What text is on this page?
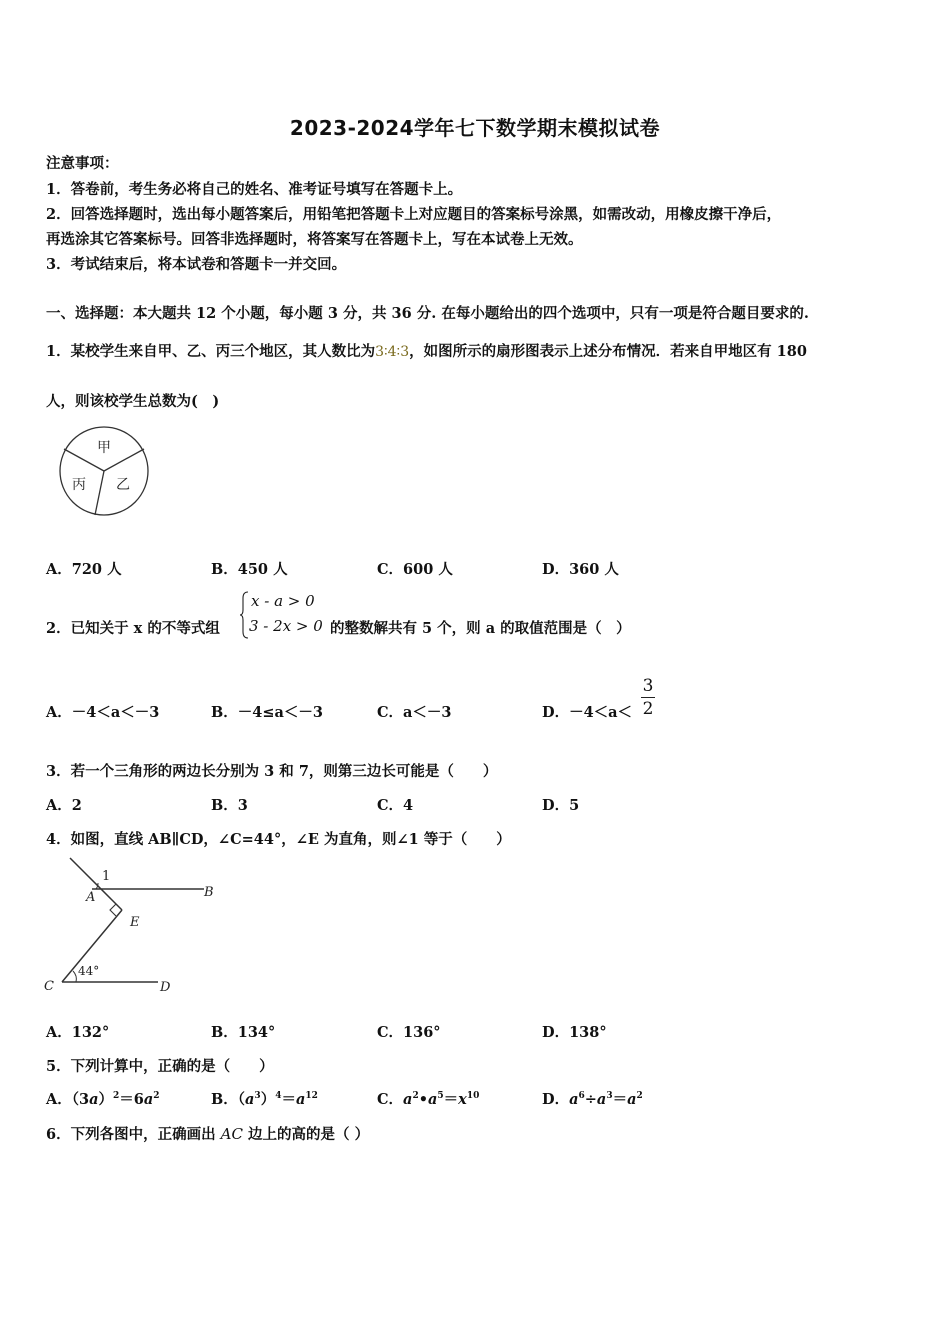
2023-2024学年七下数学期末模拟试卷
注意事项：
1．答卷前，考生务必将自己的姓名、准考证号填写在答题卡上。
2．回答选择题时，选出每小题答案后，用铅笔把答题卡上对应题目的答案标号涂黑，如需改动，用橡皮擦干净后，
再选涂其它答案标号。回答非选择题时，将答案写在答题卡上，写在本试卷上无效。
3．考试结束后，将本试卷和答题卡一并交回。
一、选择题：本大题共 12 个小题，每小题 3 分，共 36 分. 在每小题给出的四个选项中，只有一项是符合题目要求的.
1．某校学生来自甲、乙、丙三个地区，其人数比为3∶4∶3，如图所示的扇形图表示上述分布情况．若来自甲地区有 180
人，则该校学生总数为(　)
甲
乙
丙
A．720 人	B．450 人	C．600 人	D．360 人
2．已知关于 x 的不等式组
x - a > 0
3 - 2x > 0 的整数解共有 5 个，则 a 的取值范围是（　）
A．－4＜a＜－3	B．－4≤a＜－3	C．a＜－3	D．－4＜a＜
3
2
3．若一个三角形的两边长分别为 3 和 7，则第三边长可能是（　　）
A．2	B．3	C．4	D．5
4．如图，直线 AB∥CD，∠C=44°，∠E 为直角，则∠1 等于（　　）
1
A	B
E
C	D
44°
A．132°	B．134°	C．136°	D．138°
5．下列计算中，正确的是（　　）
A．$(3a)^2=6a^2$	B．$(a^3)^4=a^{12}$	C．$a^2•a^5=x^{10}$	D．$a^6\div a^3=a^2$
6．下列各图中，正确画出 AC 边上的高的是（ ）
